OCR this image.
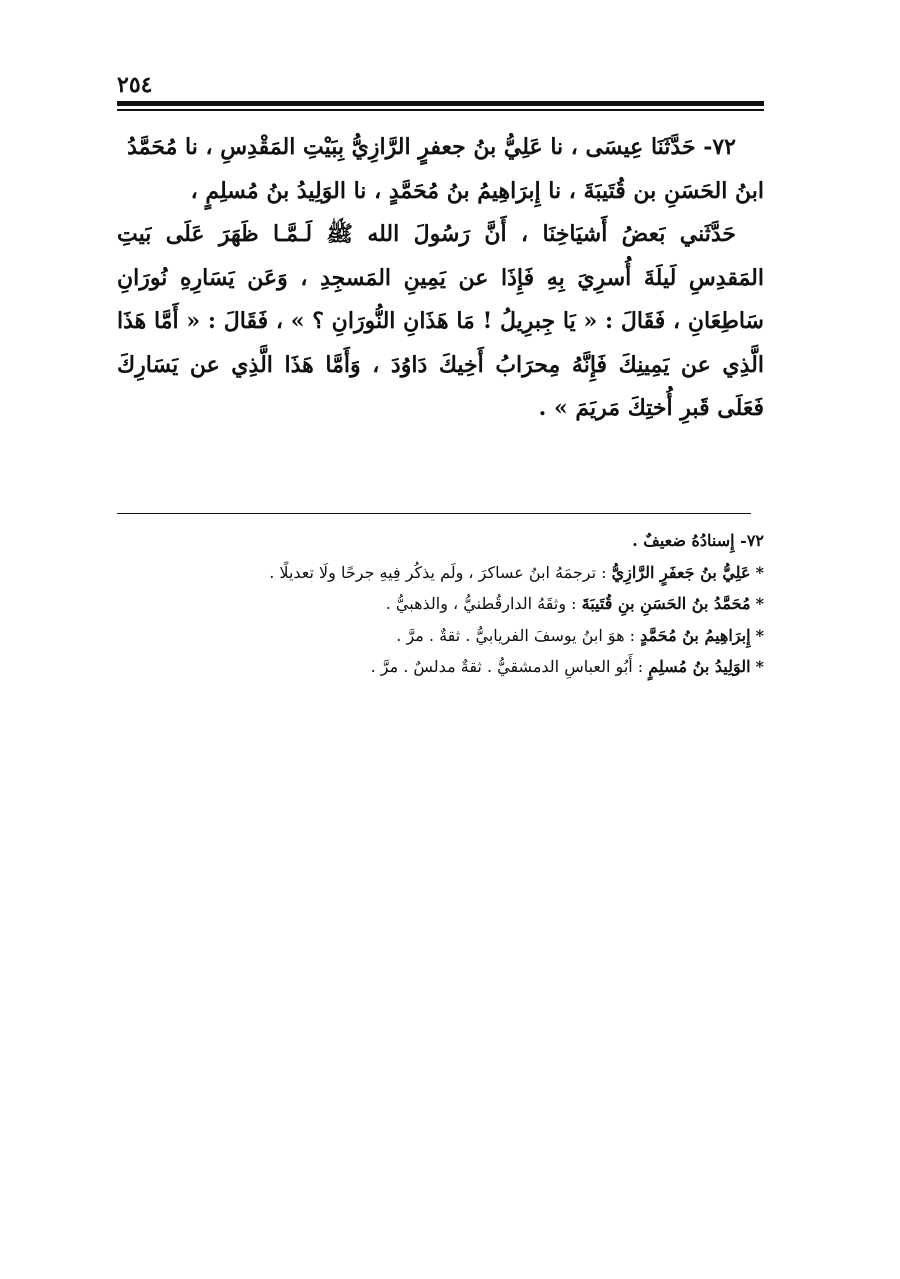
٢٥٤

٧٢- حَدَّثَنَا عِيسَى ، نا عَلِيُّ بنُ جعفرٍ الرَّازِيُّ بِبَيْتِ المَقْدِسِ ، نا مُحَمَّدُ

ابنُ الحَسَنِ بن قُتَيبَةَ ، نا إِبرَاهِيمُ بنُ مُحَمَّدٍ ، نا الوَلِيدُ بنُ مُسلِمٍ ،

حَدَّثَني بَعضُ أَشيَاخِنَا ، أَنَّ رَسُولَ الله ﷺ لَـمَّـا ظَهَرَ عَلَى بَيتِ المَقدِسِ لَيلَةَ أُسرِيَ بِهِ فَإِذَا عن يَمِينِ المَسجِدِ ، وَعَن يَسَارِهِ نُورَانِ سَاطِعَانِ ، فَقَالَ : « يَا جِبرِيلُ ! مَا هَذَانِ النُّورَانِ ؟ » ، فَقَالَ : « أَمَّا هَذَا الَّذِي عن يَمِينِكَ فَإِنَّهُ مِحرَابُ أَخِيكَ دَاوُدَ ، وَأَمَّا هَذَا الَّذِي عن يَسَارِكَ فَعَلَى قَبرِ أُختِكَ مَريَمَ » .

٧٢- إِسنادُهُ ضعيفٌ .

* عَلِيُّ بنُ جَعفَرٍ الرَّازِيُّ : ترجمَهُ ابنُ عساكرَ ، ولَم يذكُر فِيهِ جرحًا ولَا تعديلًا .

* مُحَمَّدُ بنُ الحَسَنِ بنِ قُتَيبَةَ : وثقَهُ الدارقُطنيُّ ، والذهبيُّ .

* إِبرَاهِيمُ بنُ مُحَمَّدٍ : هوَ ابنُ يوسفَ الفريابيُّ . ثقةٌ . مرَّ .

* الوَلِيدُ بنُ مُسلِمٍ : أَبُو العباسِ الدمشقيُّ . ثقةٌ مدلسٌ . مرَّ .
